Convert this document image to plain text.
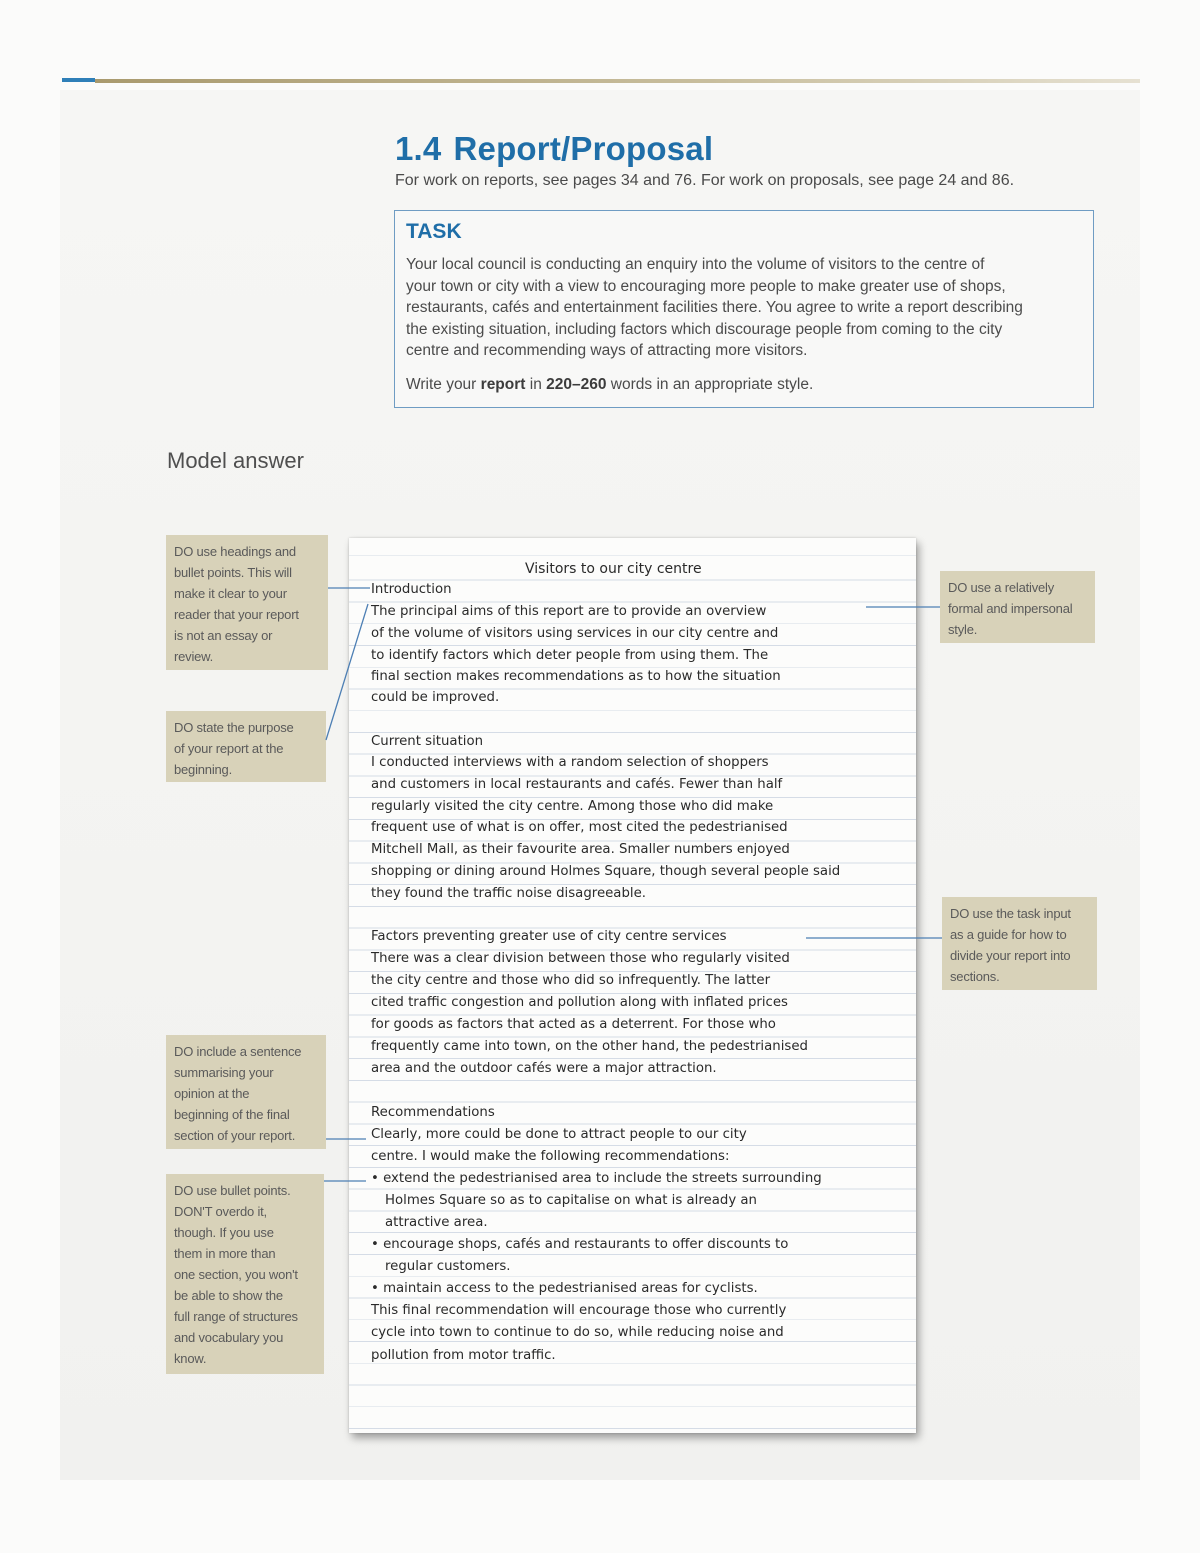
1.4 Report/Proposal
For work on reports, see pages 34 and 76. For work on proposals, see page 24 and 86.
TASK
Your local council is conducting an enquiry into the volume of visitors to the centre of
your town or city with a view to encouraging more people to make greater use of shops,
restaurants, cafés and entertainment facilities there. You agree to write a report describing
the existing situation, including factors which discourage people from coming to the city
centre and recommending ways of attracting more visitors.
Write your report in 220–260 words in an appropriate style.
Model answer
Visitors to our city centre
Introduction
The principal aims of this report are to provide an overview
of the volume of visitors using services in our city centre and
to identify factors which deter people from using them. The
final section makes recommendations as to how the situation
could be improved.
Current situation
I conducted interviews with a random selection of shoppers
and customers in local restaurants and cafés. Fewer than half
regularly visited the city centre. Among those who did make
frequent use of what is on offer, most cited the pedestrianised
Mitchell Mall, as their favourite area. Smaller numbers enjoyed
shopping or dining around Holmes Square, though several people said
they found the traffic noise disagreeable.
Factors preventing greater use of city centre services
There was a clear division between those who regularly visited
the city centre and those who did so infrequently. The latter
cited traffic congestion and pollution along with inflated prices
for goods as factors that acted as a deterrent. For those who
frequently came into town, on the other hand, the pedestrianised
area and the outdoor cafés were a major attraction.
Recommendations
Clearly, more could be done to attract people to our city
centre. I would make the following recommendations:
• extend the pedestrianised area to include the streets surrounding
Holmes Square so as to capitalise on what is already an
attractive area.
• encourage shops, cafés and restaurants to offer discounts to
regular customers.
• maintain access to the pedestrianised areas for cyclists.
This final recommendation will encourage those who currently
cycle into town to continue to do so, while reducing noise and
pollution from motor traffic.
DO use headings and
bullet points. This will
make it clear to your
reader that your report
is not an essay or
review.
DO state the purpose
of your report at the
beginning.
DO include a sentence
summarising your
opinion at the
beginning of the final
section of your report.
DO use bullet points.
DON'T overdo it,
though. If you use
them in more than
one section, you won't
be able to show the
full range of structures
and vocabulary you
know.
DO use a relatively
formal and impersonal
style.
DO use the task input
as a guide for how to
divide your report into
sections.
